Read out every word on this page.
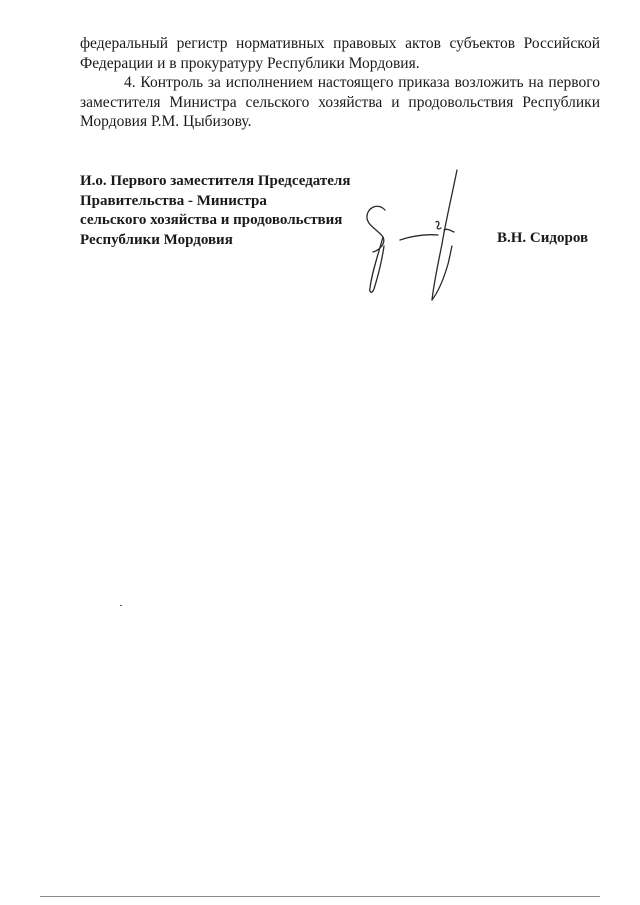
федеральный регистр нормативных правовых актов субъектов Российской Федерации и в прокуратуру Республики Мордовия.

4. Контроль за исполнением настоящего приказа возложить на первого заместителя Министра сельского хозяйства и продовольствия Республики Мордовия Р.М. Цыбизову.

И.о. Первого заместителя Председателя
Правительства - Министра
сельского хозяйства и продовольствия
Республики Мордовия	В.Н. Сидоров
